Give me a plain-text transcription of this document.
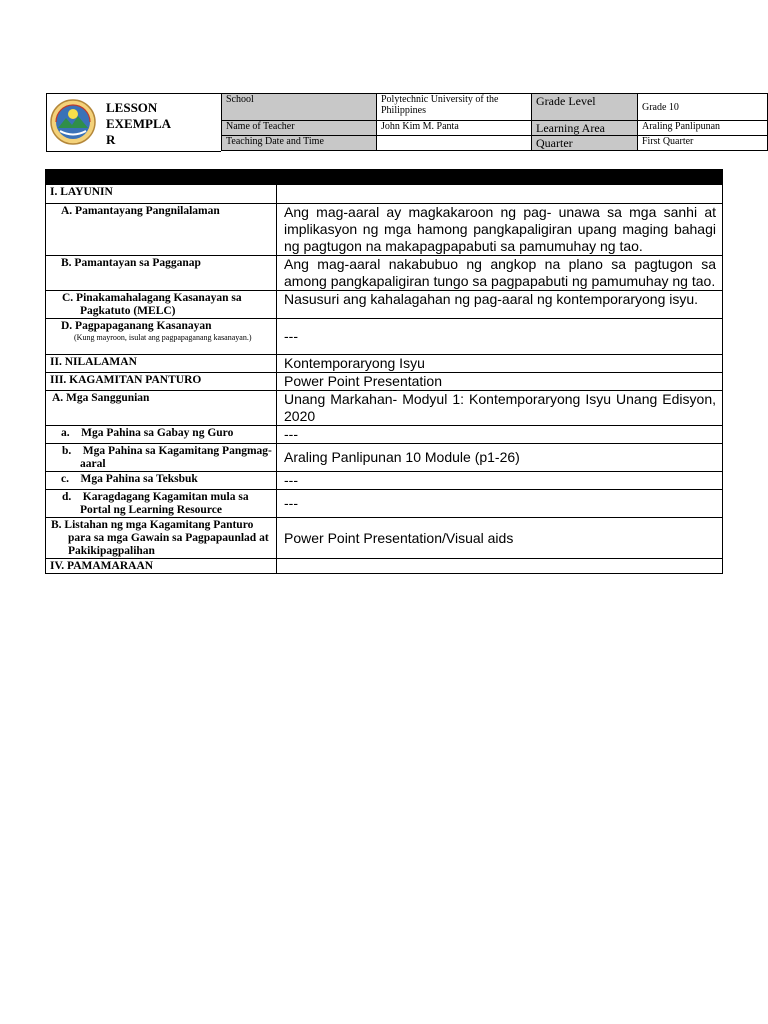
LESSON EXEMPLAR
School	Polytechnic University of the Philippines	Grade Level	Grade 10
Name of Teacher	John Kim M. Panta	Learning Area	Araling Panlipunan
Teaching Date and Time		Quarter	First Quarter

I. LAYUNIN	

A. Pamantayang Pangnilalaman	Ang mag-aaral ay magkakaroon ng pag- unawa sa mga sanhi at implikasyon ng mga hamong pangkapaligiran upang maging bahagi ng pagtugon na makapagpapabuti sa pamumuhay ng tao.

B. Pamantayan sa Pagganap	Ang mag-aaral nakabubuo ng angkop na plano sa pagtugon sa among pangkapaligiran tungo sa pagpapabuti ng pamumuhay ng tao.

C. Pinakamahalagang Kasanayan sa Pagkatuto (MELC)	Nasusuri ang kahalagahan ng pag-aaral ng kontemporaryong isyu.

D. Pagpapaganang Kasanayan
(Kung mayroon, isulat ang pagpapaganang kasanayan.)	---

II. NILALAMAN	Kontemporaryong Isyu

III. KAGAMITAN PANTURO	Power Point Presentation

A. Mga Sanggunian	Unang Markahan- Modyul 1: Kontemporaryong Isyu Unang Edisyon, 2020

a.    Mga Pahina sa Gabay ng Guro	---

b.    Mga Pahina sa Kagamitang Pangmag-aaral	Araling Panlipunan 10 Module (p1-26)

c.    Mga Pahina sa Teksbuk	---

d.    Karagdagang Kagamitan mula sa Portal ng Learning Resource	---

B. Listahan ng mga Kagamitang Panturo para sa mga Gawain sa Pagpapaunlad at Pakikipagpalihan	Power Point Presentation/Visual aids

IV. PAMAMARAAN	
